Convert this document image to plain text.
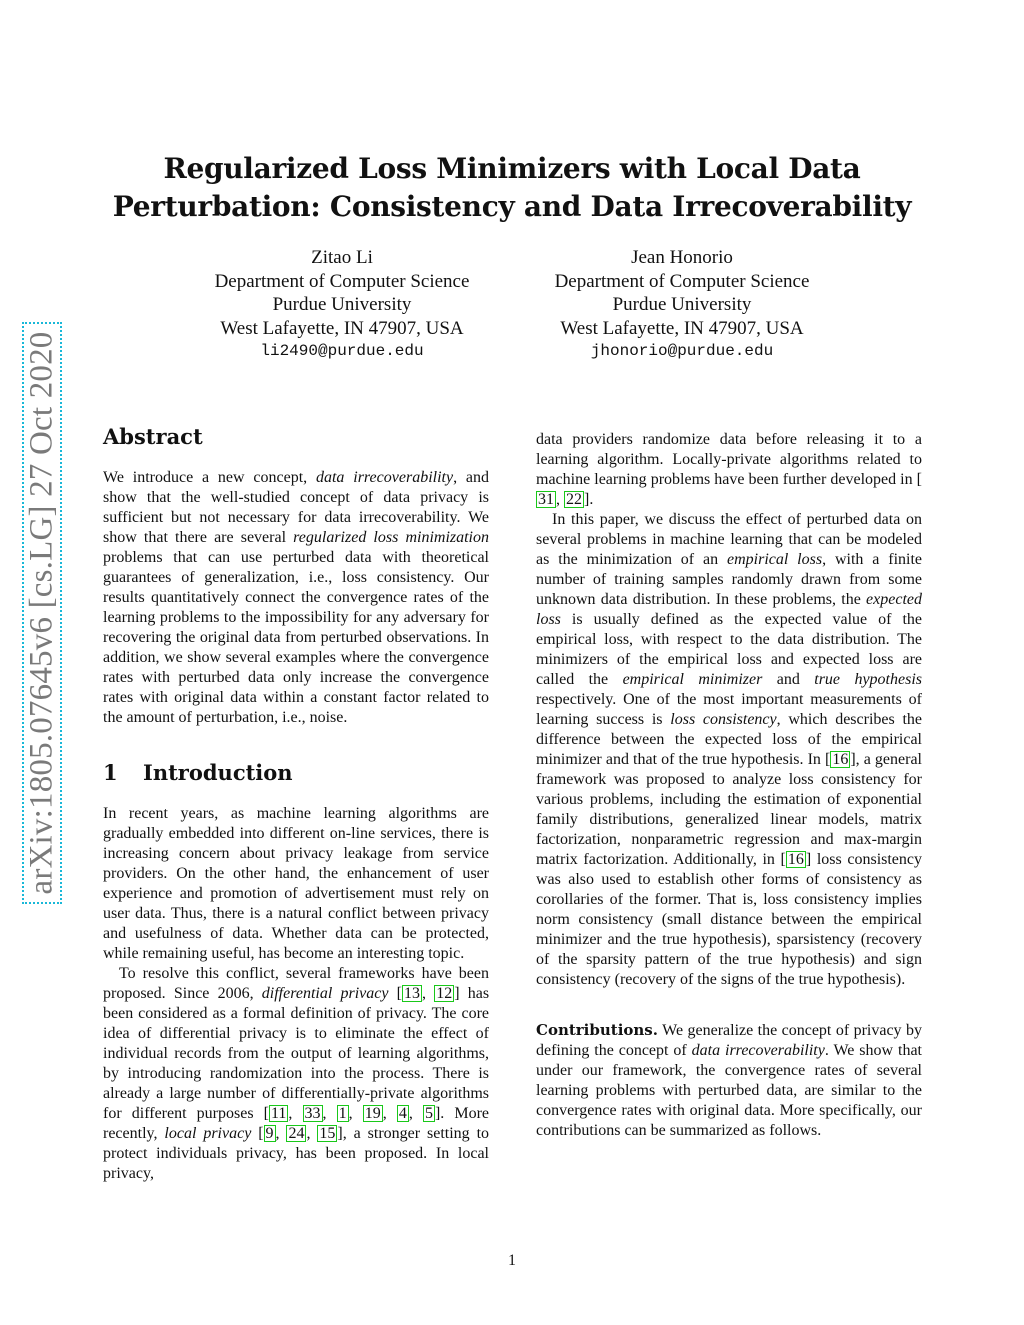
Regularized Loss Minimizers with Local Data
Perturbation: Consistency and Data Irrecoverability
Zitao Li
Department of Computer Science
Purdue University
West Lafayette, IN 47907, USA
li2490@purdue.edu
Jean Honorio
Department of Computer Science
Purdue University
West Lafayette, IN 47907, USA
jhonorio@purdue.edu
arXiv:1805.07645v6 [cs.LG] 27 Oct 2020 Abstract

We introduce a new concept, data irrecoverability, and show that the well-studied concept of data privacy is sufficient but not necessary for data irrecoverability. We show that there are several regularized loss minimization problems that can use perturbed data with theoretical guarantees of generalization, i.e., loss consistency. Our results quantitatively connect the convergence rates of the learning problems to the impossibility for any adversary for recovering the original data from perturbed observations. In addition, we show several examples where the convergence rates with perturbed data only increase the convergence rates with original data within a constant factor related to the amount of perturbation, i.e., noise.

1 Introduction

In recent years, as machine learning algorithms are gradually embedded into different on-line services, there is increasing concern about privacy leakage from service providers. On the other hand, the enhancement of user experience and promotion of advertisement must rely on user data. Thus, there is a natural conflict between privacy and usefulness of data. Whether data can be protected, while remaining useful, has become an interesting topic.

To resolve this conflict, several frameworks have been proposed. Since 2006, differential privacy [ 13 , 12 ] has been considered as a formal definition of privacy. The core idea of differential privacy is to eliminate the effect of individual records from the output of learning algorithms, by introducing randomization into the process. There is already a large number of differentially-private algorithms for different purposes [ 11 , 33 , 1 , 19 , 4 , 5 ]. More recently, local privacy [ 9 , 24 , 15 ], a stronger setting to protect individuals privacy, has been proposed. In local privacy,

data providers randomize data before releasing it to a learning algorithm. Locally-private algorithms related to machine learning problems have been further developed in [31 , 22 ].

In this paper, we discuss the effect of perturbed data on several problems in machine learning that can be modeled as the minimization of an empirical loss, with a finite number of training samples randomly drawn from some unknown data distribution. In these problems, the expected loss is usually defined as the expected value of the empirical loss, with respect to the data distribution. The minimizers of the empirical loss and expected loss are called the empirical minimizer and true hypothesis respectively. One of the most important measurements of learning success is loss consistency, which describes the difference between the expected loss of the empirical minimizer and that of the true hypothesis. In [ 16 ], a general framework was proposed to analyze loss consistency for various problems, including the estimation of exponential family distributions, generalized linear models, matrix factorization, nonparametric regression and max-margin matrix factorization. Additionally, in [ 16 ] loss consistency was also used to establish other forms of consistency as corollaries of the former. That is, loss consistency implies norm consistency (small distance between the empirical minimizer and the true hypothesis), sparsistency (recovery of the sparsity pattern of the true hypothesis) and sign consistency (recovery of the signs of the true hypothesis).

Contributions. We generalize the concept of privacy by defining the concept of data irrecoverability. We show that under our framework, the convergence rates of several learning problems with perturbed data, are similar to the convergence rates with original data. More specifically, our contributions can be summarized as follows.

1
